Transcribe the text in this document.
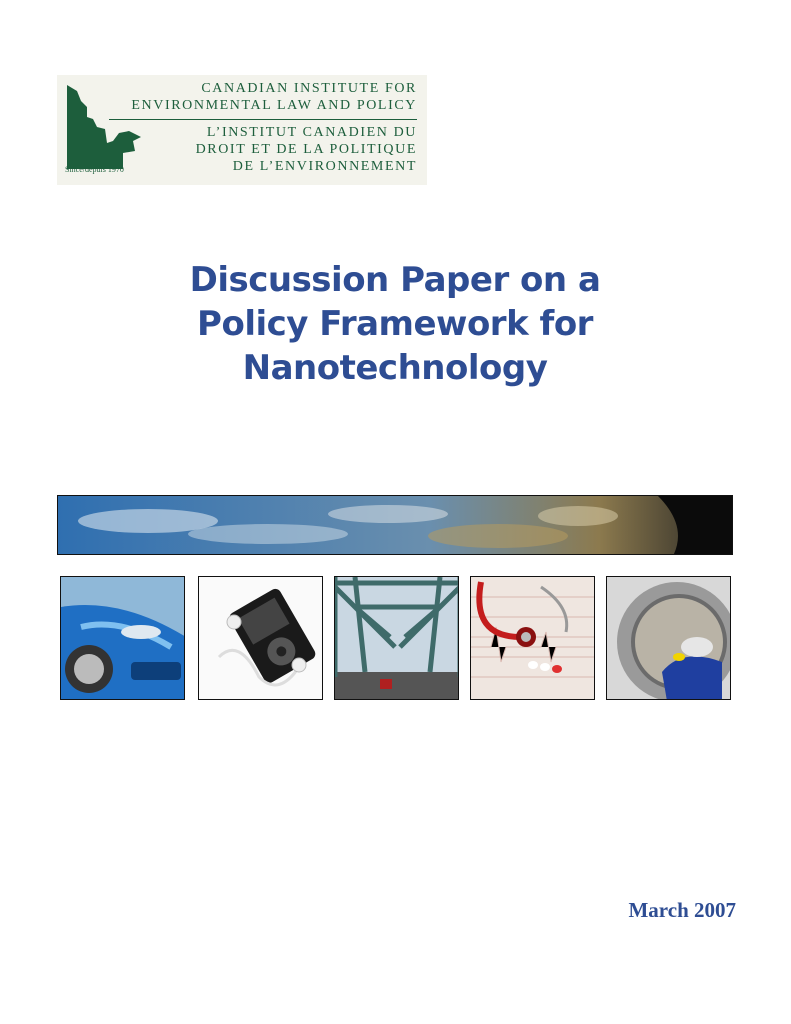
Since/depuis 1970
CANADIAN INSTITUTE FOR
ENVIRONMENTAL LAW AND POLICY
L’INSTITUT CANADIEN DU
DROIT ET DE LA POLITIQUE
DE L’ENVIRONNEMENT
Discussion Paper on a
Policy Framework for
Nanotechnology
March 2007
